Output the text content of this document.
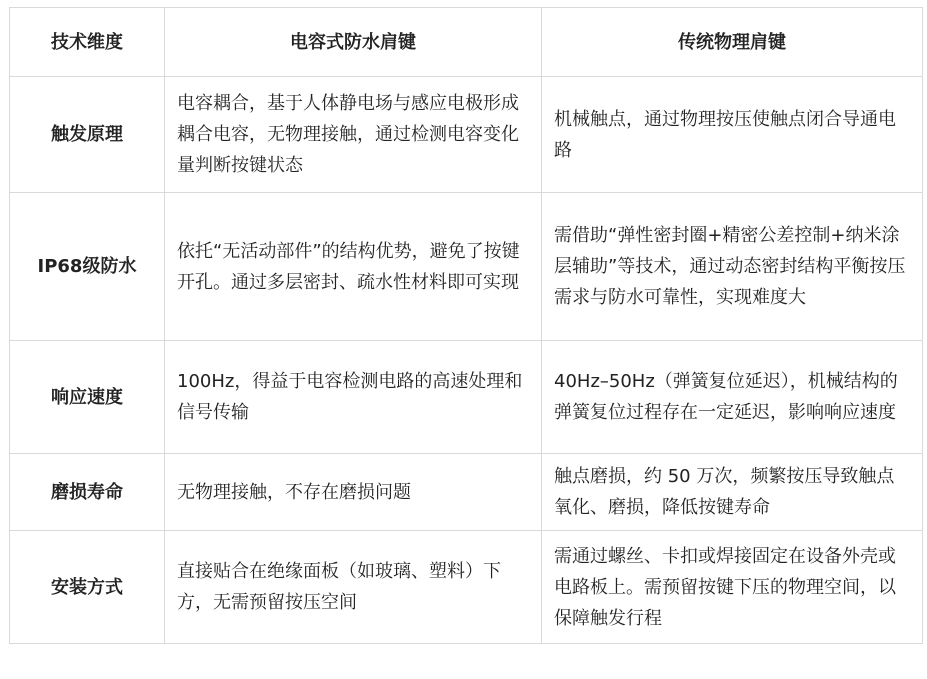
技术维度	电容式防水肩键	传统物理肩键
触发原理	电容耦合，基于人体静电场与感应电极形成耦合电容，无物理接触，通过检测电容变化量判断按键状态	机械触点，通过物理按压使触点闭合导通电路
IP68级防水	依托“无活动部件”的结构优势，避免了按键开孔。通过多层密封、疏水性材料即可实现	需借助“弹性密封圈+精密公差控制+纳米涂层辅助”等技术，通过动态密封结构平衡按压需求与防水可靠性，实现难度大
响应速度	100Hz，得益于电容检测电路的高速处理和信号传输	40Hz–50Hz（弹簧复位延迟），机械结构的弹簧复位过程存在一定延迟，影响响应速度
磨损寿命	无物理接触，不存在磨损问题	触点磨损，约 50 万次，频繁按压导致触点氧化、磨损，降低按键寿命
安装方式	直接贴合在绝缘面板（如玻璃、塑料）下方，无需预留按压空间	需通过螺丝、卡扣或焊接固定在设备外壳或电路板上。需预留按键下压的物理空间，以保障触发行程
